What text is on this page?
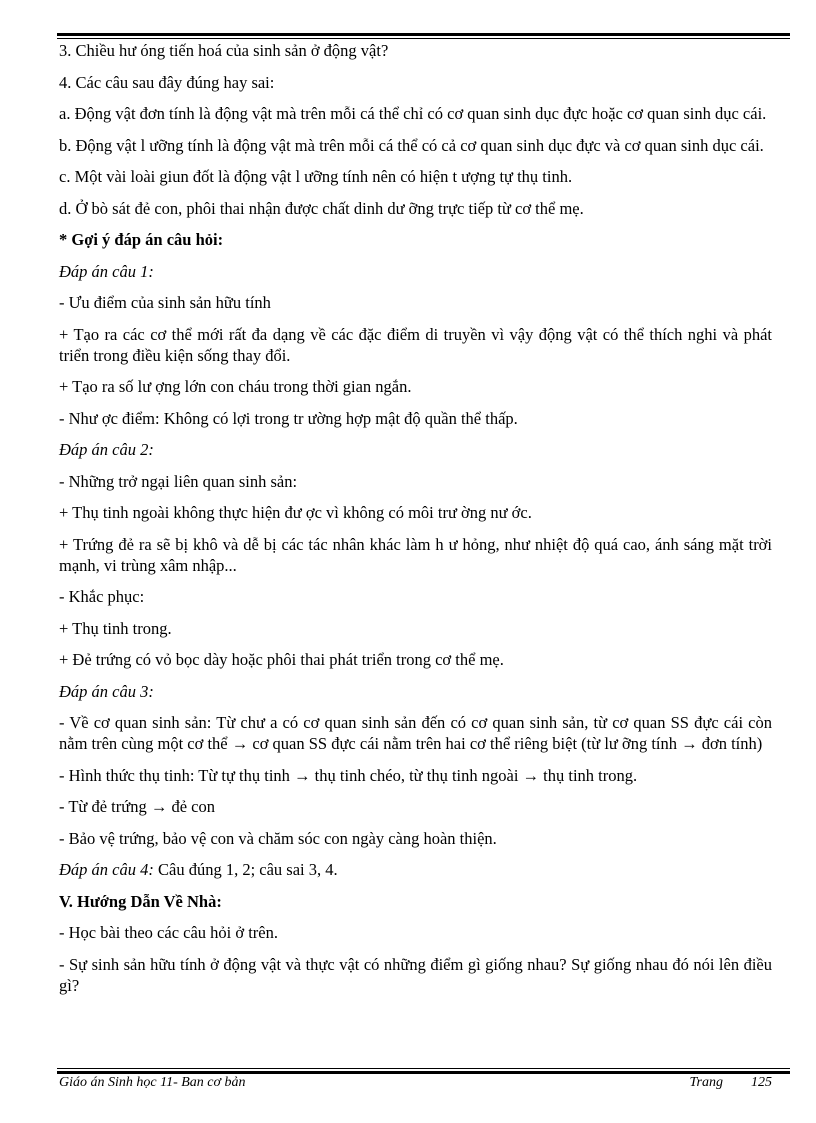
3. Chiều hư óng tiến hoá của sinh sản ở động vật?

4. Các câu sau đây đúng hay sai:

a. Động vật đơn tính là động vật mà trên mỗi cá thể chỉ có cơ quan sinh dục đực hoặc cơ quan sinh dục cái.

b. Động vật l ưỡng tính là động vật mà trên mỗi cá thể có cả cơ quan sinh dục đực và cơ quan sinh dục cái.

c. Một vài loài giun đốt là động vật l ưỡng tính nên có hiện t ượng tự thụ tinh.

d. Ở bò sát đẻ con, phôi thai nhận được chất dinh dư ỡng trực tiếp từ cơ thể mẹ.

* Gợi ý đáp án câu hỏi:

Đáp án câu 1:

- Ưu điểm của sinh sản hữu tính

+ Tạo ra các cơ thể mới rất đa dạng về các đặc điểm di truyền vì vậy động vật có thể thích nghi và phát triển trong điều kiện sống thay đổi.

+ Tạo ra số lư ợng lớn con cháu trong thời gian ngắn.

- Như ợc điểm: Không có lợi trong tr ường hợp mật độ quần thể thấp.

Đáp án câu 2:

- Những trở ngại liên quan sinh sản:

+ Thụ tinh ngoài không thực hiện đư ợc vì không có môi trư ờng nư ớc.

+ Trứng đẻ ra sẽ bị khô và dễ bị các tác nhân khác làm h ư hỏng, như nhiệt độ quá cao, ánh sáng mặt trời mạnh, vi trùng xâm nhập...

- Khắc phục:

+ Thụ tinh trong.

+ Đẻ trứng có vỏ bọc dày hoặc phôi thai phát triển trong cơ thể mẹ.

Đáp án câu 3:

- Về cơ quan sinh sản: Từ chư a có cơ quan sinh sản đến có cơ quan sinh sản, từ cơ quan SS đực cái còn nằm trên cùng một cơ thể → cơ quan SS đực cái nằm trên hai cơ thể riêng biệt (từ lư ỡng tính → đơn tính)

- Hình thức thụ tinh: Từ tự thụ tinh → thụ tinh chéo, từ thụ tinh ngoài → thụ tinh trong.

- Từ đẻ trứng → đẻ con

- Bảo vệ trứng, bảo vệ con và chăm sóc con ngày càng hoàn thiện.

Đáp án câu 4: Câu đúng 1, 2; câu sai 3, 4.

V. Hướng Dẫn Về Nhà:

- Học bài theo các câu hỏi ở trên.

- Sự sinh sản hữu tính ở động vật và thực vật có những điểm gì giống nhau? Sự giống nhau đó nói lên điều gì?

Giáo án Sinh học 11- Ban cơ bản	Trang 125
